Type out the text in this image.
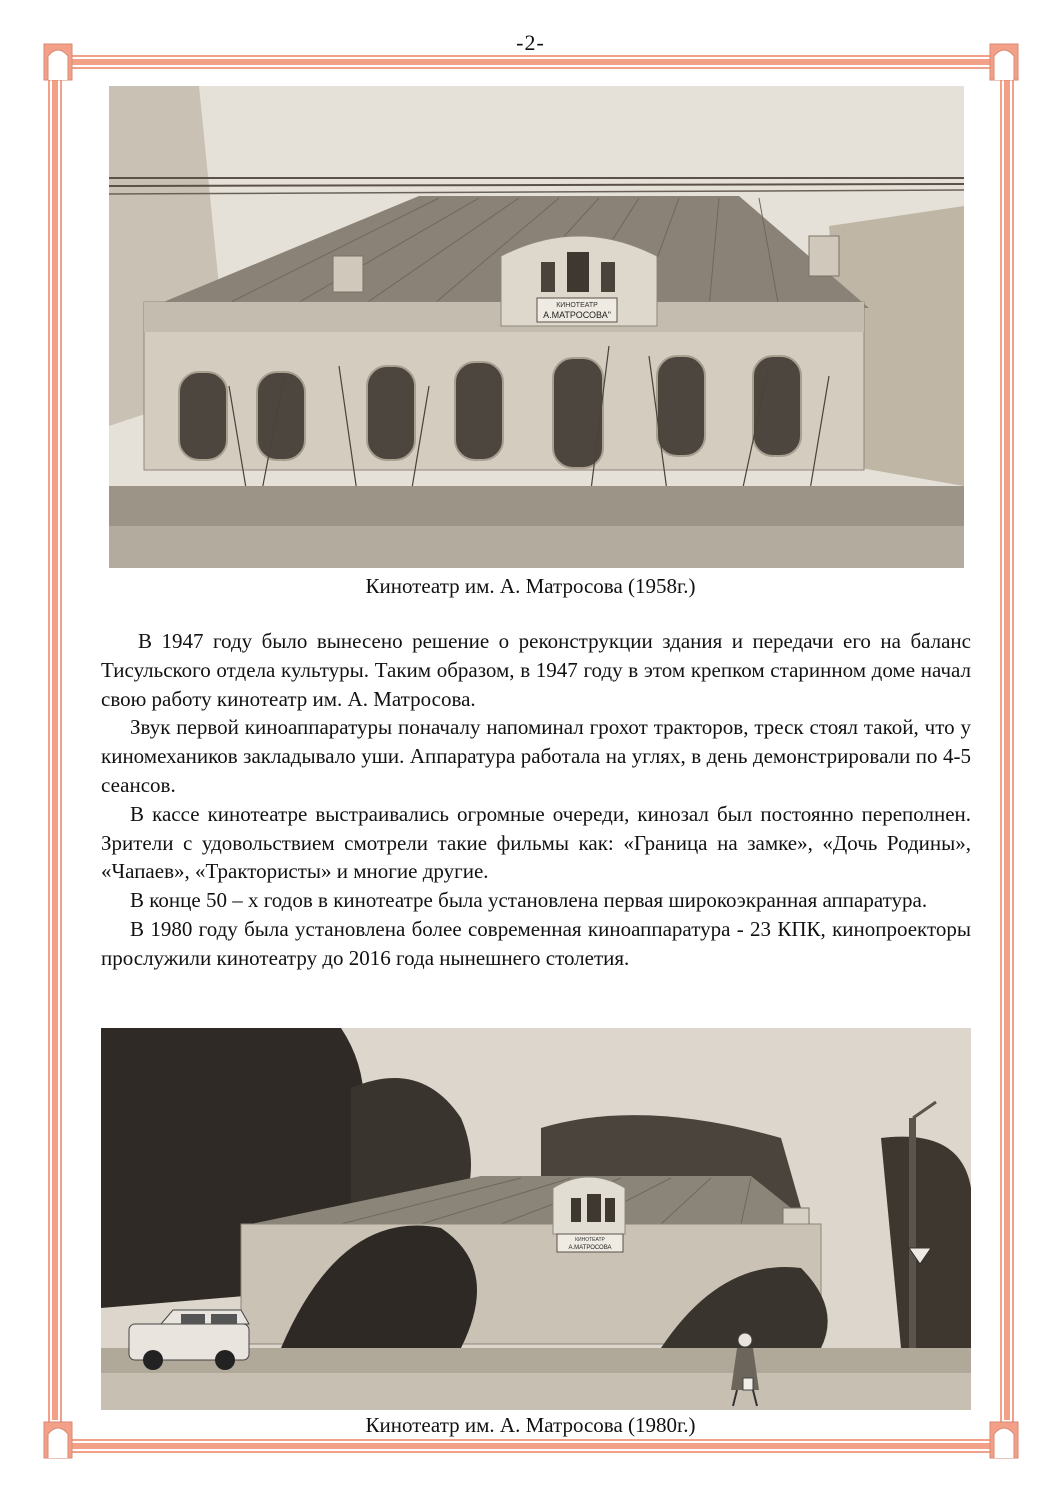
-2-
КИНОТЕАТР
А.МАТРОСОВА"
Кинотеатр им. А. Матросова (1958г.)

В 1947 году было вынесено решение о реконструкции здания и передачи его на баланс Тисульского отдела культуры. Таким образом, в 1947 году в этом крепком старинном доме начал свою работу кинотеатр им. А. Матросова.

Звук первой киноаппаратуры поначалу напоминал грохот тракторов, треск стоял такой, что у киномехаников закладывало уши. Аппаратура работала на углях, в день демонстрировали по 4-5 сеансов.

В кассе кинотеатре выстраивались огромные очереди, кинозал был постоянно переполнен. Зрители с удовольствием смотрели такие фильмы как: «Граница на замке», «Дочь Родины», «Чапаев», «Трактористы» и многие другие.

В конце 50 – х годов в кинотеатре была установлена первая широкоэкранная аппаратура.

В 1980 году была установлена более современная киноаппаратура - 23 КПК, кинопроекторы прослужили кинотеатру до 2016 года нынешнего столетия.

КИНОТЕАТР
А.МАТРОСОВА
Кинотеатр им. А. Матросова (1980г.)
